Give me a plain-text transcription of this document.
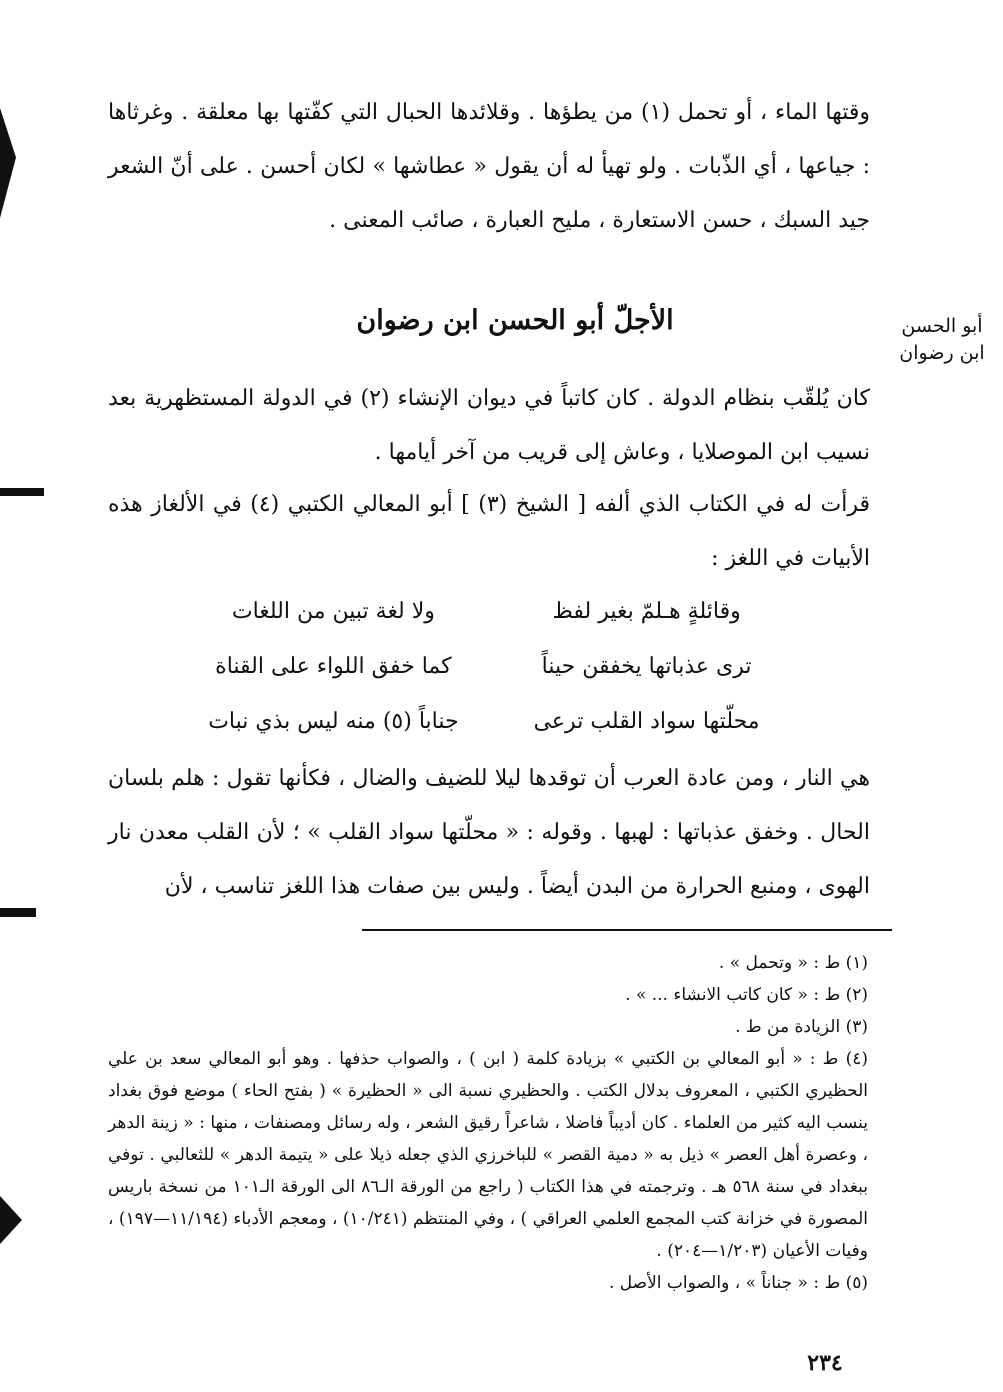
وقتها الماء ، أو تحمل (١) من يطؤها . وقلائدها الحبال التي كفّتها بها معلقة . وغرثاها : جياعها ، أي الذّبات . ولو تهيأ له أن يقول « عطاشها » لكان أحسن . على أنّ الشعر جيد السبك ، حسن الاستعارة ، مليح العبارة ، صائب المعنى .
أبو الحسن
ابن رضوان
الأجلّ أبو الحسن ابن رضوان
كان يُلقّب بنظام الدولة . كان كاتباً في ديوان الإنشاء (٢) في الدولة المستظهرية بعد نسيب ابن الموصلايا ، وعاش إلى قريب من آخر أيامها .
قرأت له في الكتاب الذي ألفه [ الشيخ (٣) ] أبو المعالي الكتبي (٤) في الألغاز هذه الأبيات في اللغز :
وقائلةٍ هـلمّ بغير لفظ
ولا لغة تبين من اللغات
ترى عذباتها يخفقن حيناً
كما خفق اللواء على القناة
محلّتها سواد القلب ترعى
جناباً (٥) منه ليس بذي نبات
هي النار ، ومن عادة العرب أن توقدها ليلا للضيف والضال ، فكأنها تقول : هلم بلسان الحال . وخفق عذباتها : لهبها . وقوله : « محلّتها سواد القلب » ؛ لأن القلب معدن نار الهوى ، ومنبع الحرارة من البدن أيضاً . وليس بين صفات هذا اللغز تناسب ، لأن

(١) ط : « وتحمل » .

(٢) ط : « كان كاتب الانشاء ... » .

(٣) الزيادة من ط .

(٤) ط : « أبو المعالي بن الكتبي » بزيادة كلمة ( ابن ) ، والصواب حذفها . وهو أبو المعالي سعد بن علي الحظيري الكتبي ، المعروف بدلال الكتب . والحظيري نسبة الى « الحظيرة » ( بفتح الحاء ) موضع فوق بغداد ينسب اليه كثير من العلماء . كان أديباً فاضلا ، شاعراً رقيق الشعر ، وله رسائل ومصنفات ، منها : « زينة الدهر ، وعصرة أهل العصر » ذيل به « دمية القصر » للباخرزي الذي جعله ذيلا على « يتيمة الدهر » للثعالبي . توفي ببغداد في سنة ٥٦٨ هـ . وترجمته في هذا الكتاب ( راجع من الورقة الـ٨٦ الى الورقة الـ١٠١ من نسخة باريس المصورة في خزانة كتب المجمع العلمي العراقي ) ، وفي المنتظم (١٠/٢٤١) ، ومعجم الأدباء (١١/١٩٤—١٩٧) ، وفيات الأعيان (١/٢٠٣—٢٠٤) .

(٥) ط : « جناناً » ، والصواب الأصل .

٢٣٤
